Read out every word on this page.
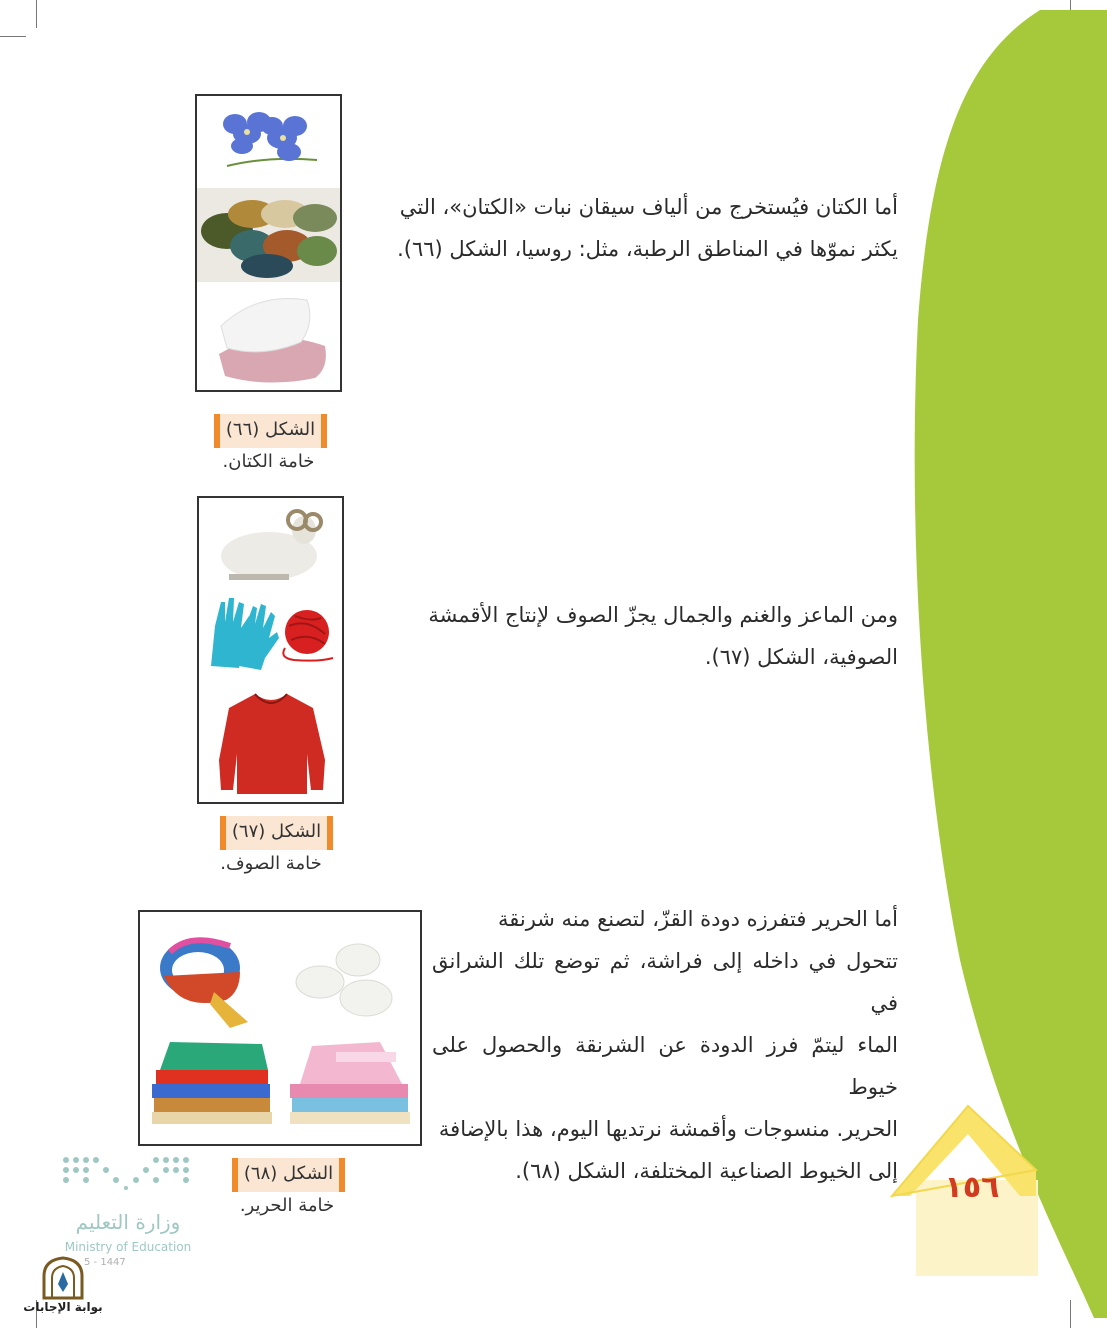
أما الكتان فيُستخرج من ألياف سيقان نبات «الكتان»، التي
يكثر نموّها في المناطق الرطبة، مثل: روسيا، الشكل (٦٦).
الشكل (٦٦)
خامة الكتان.
ومن الماعز والغنم والجمال يجزّ الصوف لإنتاج الأقمشة
الصوفية، الشكل (٦٧).
الشكل (٦٧)
خامة الصوف.
أما الحرير فتفرزه دودة القزّ، لتصنع منه شرنقة
تتحول في داخله إلى فراشة، ثم توضع تلك الشرانق في
الماء ليتمّ فرز الدودة عن الشرنقة والحصول على خيوط
الحرير. منسوجات وأقمشة نرتديها اليوم، هذا بالإضافة
إلى الخيوط الصناعية المختلفة، الشكل (٦٨).
الشكل (٦٨)
خامة الحرير.
١٥٦
وزارة التعليم
Ministry of Education
5 - 1447
بوابة الإجابات
